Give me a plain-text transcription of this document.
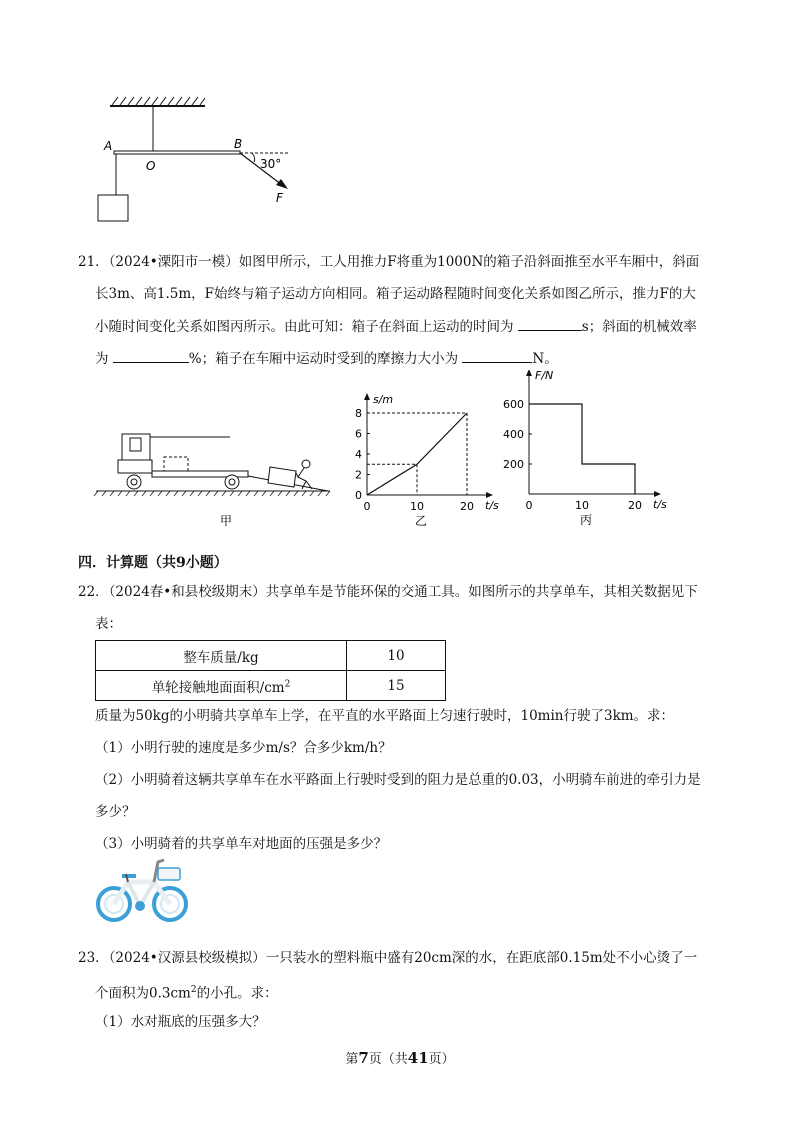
A
O
B
30°
F
21．（2024•溧阳市一模）如图甲所示，工人用推力F将重为1000N的箱子沿斜面推至水平车厢中，斜面
长3m、高1.5m，F始终与箱子运动方向相同。箱子运动路程随时间变化关系如图乙所示，推力F的大
小随时间变化关系如图丙所示。由此可知：箱子在斜面上运动的时间为	s；斜面的机械效率
为	%；箱子在车厢中运动时受到的摩擦力大小为	N。
甲
0
2
4
6
8
0	10	20 t/s
s/m
乙
200
400
600
0	10	20 t/s
F/N
丙
四．计算题（共9小题）
22．（2024春•和县校级期末）共享单车是节能环保的交通工具。如图所示的共享单车，其相关数据见下
表：
整车质量/kg	10
单轮接触地面面积$/cm^2$	15
质量为50kg的小明骑共享单车上学，在平直的水平路面上匀速行驶时，10min行驶了3km。求：
（1）小明行驶的速度是多少m/s？合多少km/h？
（2）小明骑着这辆共享单车在水平路面上行驶时受到的阻力是总重的0.03，小明骑车前进的牵引力是
多少？
（3）小明骑着的共享单车对地面的压强是多少？
23．（2024•汉源县校级模拟）一只装水的塑料瓶中盛有20cm深的水，在距底部0.15m处不小心烫了一
个面积为$0.3cm^2$的小孔。求：
（1）水对瓶底的压强多大？
第7页（共41页）
